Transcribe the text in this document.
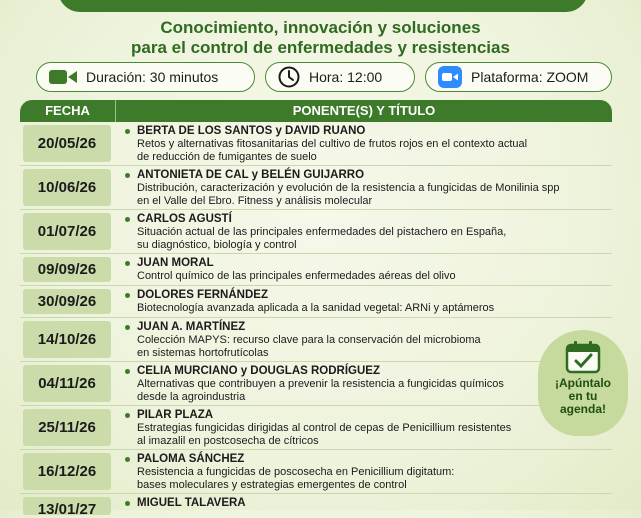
Conocimiento, innovación y soluciones
para el control de enfermedades y resistencias
Duración: 30 minutos	Hora: 12:00	Plataforma: ZOOM
FECHA	PONENTE(S) Y TÍTULO
20/05/26
BERTA DE LOS SANTOS y DAVID RUANO
Retos y alternativas fitosanitarias del cultivo de frutos rojos en el contexto actual
de reducción de fumigantes de suelo
10/06/26
ANTONIETA DE CAL y BELÉN GUIJARRO
Distribución, caracterización y evolución de la resistencia a fungicidas de Monilinia spp
en el Valle del Ebro. Fitness y análisis molecular
01/07/26
CARLOS AGUSTÍ
Situación actual de las principales enfermedades del pistachero en España,
su diagnóstico, biología y control
09/09/26	JUAN MORAL
Control químico de las principales enfermedades aéreas del olivo
30/09/26	DOLORES FERNÁNDEZ
Biotecnología avanzada aplicada a la sanidad vegetal: ARNi y aptámeros
14/10/26
JUAN A. MARTÍNEZ
Colección MAPYS: recurso clave para la conservación del microbioma
en sistemas hortofrutícolas
04/11/26
CELIA MURCIANO y DOUGLAS RODRÍGUEZ
Alternativas que contribuyen a prevenir la resistencia a fungicidas químicos
desde la agroindustria
25/11/26
PILAR PLAZA
Estrategias fungicidas dirigidas al control de cepas de Penicillium resistentes
al imazalil en postcosecha de cítricos
16/12/26
PALOMA SÁNCHEZ
Resistencia a fungicidas de poscosecha en Penicillium digitatum:
bases moleculares y estrategias emergentes de control
13/01/27	MIGUEL TALAVERA
¡Apúntalo
en tu
agenda!
